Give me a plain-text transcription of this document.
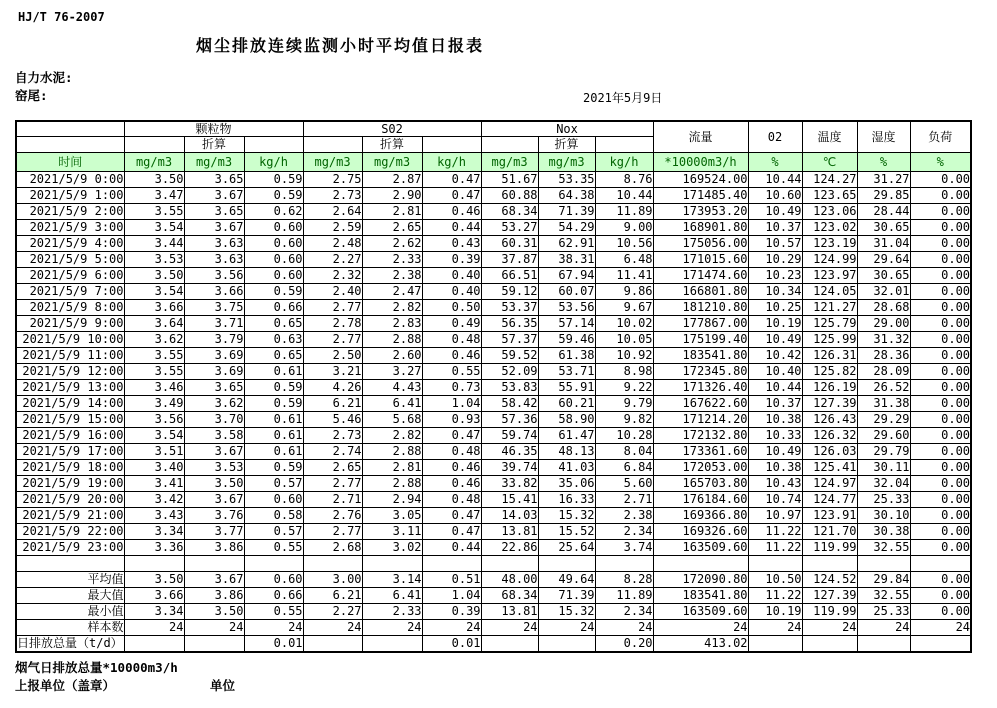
HJ/T 76-2007
烟尘排放连续监测小时平均值日报表
自力水泥:
窑尾:	2021年5月9日
	颗粒物			S02			Nox			流量	02	温度	湿度	负荷
		折算			折算			折算						
时间	mg/m3	mg/m3	kg/h	mg/m3	mg/m3	kg/h	mg/m3	mg/m3	kg/h	*10000m3/h	%	℃	%	%
2021/5/9 0:00	3.50	3.65	0.59	2.75	2.87	0.47	51.67	53.35	8.76	169524.00	10.44	124.27	31.27	0.00
2021/5/9 1:00	3.47	3.67	0.59	2.73	2.90	0.47	60.88	64.38	10.44	171485.40	10.60	123.65	29.85	0.00
2021/5/9 2:00	3.55	3.65	0.62	2.64	2.81	0.46	68.34	71.39	11.89	173953.20	10.49	123.06	28.44	0.00
2021/5/9 3:00	3.54	3.67	0.60	2.59	2.65	0.44	53.27	54.29	9.00	168901.80	10.37	123.02	30.65	0.00
2021/5/9 4:00	3.44	3.63	0.60	2.48	2.62	0.43	60.31	62.91	10.56	175056.00	10.57	123.19	31.04	0.00
2021/5/9 5:00	3.53	3.63	0.60	2.27	2.33	0.39	37.87	38.31	6.48	171015.60	10.29	124.99	29.64	0.00
2021/5/9 6:00	3.50	3.56	0.60	2.32	2.38	0.40	66.51	67.94	11.41	171474.60	10.23	123.97	30.65	0.00
2021/5/9 7:00	3.54	3.66	0.59	2.40	2.47	0.40	59.12	60.07	9.86	166801.80	10.34	124.05	32.01	0.00
2021/5/9 8:00	3.66	3.75	0.66	2.77	2.82	0.50	53.37	53.56	9.67	181210.80	10.25	121.27	28.68	0.00
2021/5/9 9:00	3.64	3.71	0.65	2.78	2.83	0.49	56.35	57.14	10.02	177867.00	10.19	125.79	29.00	0.00
2021/5/9 10:00	3.62	3.79	0.63	2.77	2.88	0.48	57.37	59.46	10.05	175199.40	10.49	125.99	31.32	0.00
2021/5/9 11:00	3.55	3.69	0.65	2.50	2.60	0.46	59.52	61.38	10.92	183541.80	10.42	126.31	28.36	0.00
2021/5/9 12:00	3.55	3.69	0.61	3.21	3.27	0.55	52.09	53.71	8.98	172345.80	10.40	125.82	28.09	0.00
2021/5/9 13:00	3.46	3.65	0.59	4.26	4.43	0.73	53.83	55.91	9.22	171326.40	10.44	126.19	26.52	0.00
2021/5/9 14:00	3.49	3.62	0.59	6.21	6.41	1.04	58.42	60.21	9.79	167622.60	10.37	127.39	31.38	0.00
2021/5/9 15:00	3.56	3.70	0.61	5.46	5.68	0.93	57.36	58.90	9.82	171214.20	10.38	126.43	29.29	0.00
2021/5/9 16:00	3.54	3.58	0.61	2.73	2.82	0.47	59.74	61.47	10.28	172132.80	10.33	126.32	29.60	0.00
2021/5/9 17:00	3.51	3.67	0.61	2.74	2.88	0.48	46.35	48.13	8.04	173361.60	10.49	126.03	29.79	0.00
2021/5/9 18:00	3.40	3.53	0.59	2.65	2.81	0.46	39.74	41.03	6.84	172053.00	10.38	125.41	30.11	0.00
2021/5/9 19:00	3.41	3.50	0.57	2.77	2.88	0.46	33.82	35.06	5.60	165703.80	10.43	124.97	32.04	0.00
2021/5/9 20:00	3.42	3.67	0.60	2.71	2.94	0.48	15.41	16.33	2.71	176184.60	10.74	124.77	25.33	0.00
2021/5/9 21:00	3.43	3.76	0.58	2.76	3.05	0.47	14.03	15.32	2.38	169366.80	10.97	123.91	30.10	0.00
2021/5/9 22:00	3.34	3.77	0.57	2.77	3.11	0.47	13.81	15.52	2.34	169326.60	11.22	121.70	30.38	0.00
2021/5/9 23:00	3.36	3.86	0.55	2.68	3.02	0.44	22.86	25.64	3.74	163509.60	11.22	119.99	32.55	0.00

平均值	3.50	3.67	0.60	3.00	3.14	0.51	48.00	49.64	8.28	172090.80	10.50	124.52	29.84	0.00
最大值	3.66	3.86	0.66	6.21	6.41	1.04	68.34	71.39	11.89	183541.80	11.22	127.39	32.55	0.00
最小值	3.34	3.50	0.55	2.27	2.33	0.39	13.81	15.32	2.34	163509.60	10.19	119.99	25.33	0.00
样本数	24	24	24	24	24	24	24	24	24	24	24	24	24	24
日排放总量（t/d）			0.01			0.01			0.20	413.02				
烟气日排放总量*10000m3/h
上报单位（盖章）	单位
